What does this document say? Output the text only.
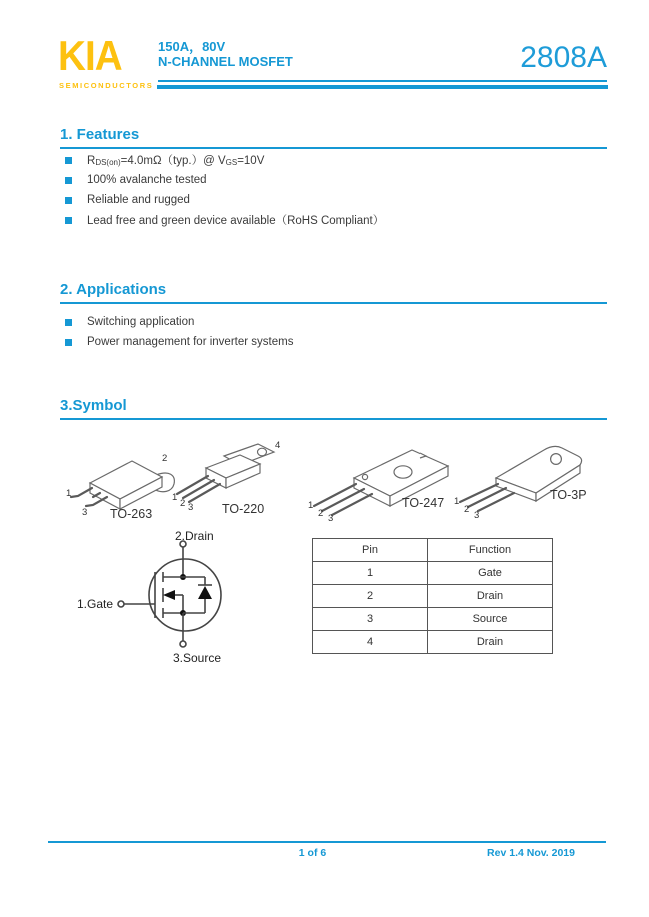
KIA
SEMICONDUCTORS
150A，80V
N-CHANNEL MOSFET	2808A
1. Features
$R_{DS(on)}=4.0m\Omega(typ.)@$ $V_{GS}=10V$
100% avalanche tested
Reliable and rugged
Lead free and green device available（RoHS Compliant）
2. Applications
Switching application
Power management for inverter systems
3.Symbol
1
2
3 TO-263
1
2 3
4
TO-220	1
2 3
TO-247 1
2
3
TO-3P
2.Drain
1.Gate
3.Source
Pin	Function
1	Gate
2	Drain
3	Source
4	Drain
1 of 6	Rev 1.4 Nov. 2019
